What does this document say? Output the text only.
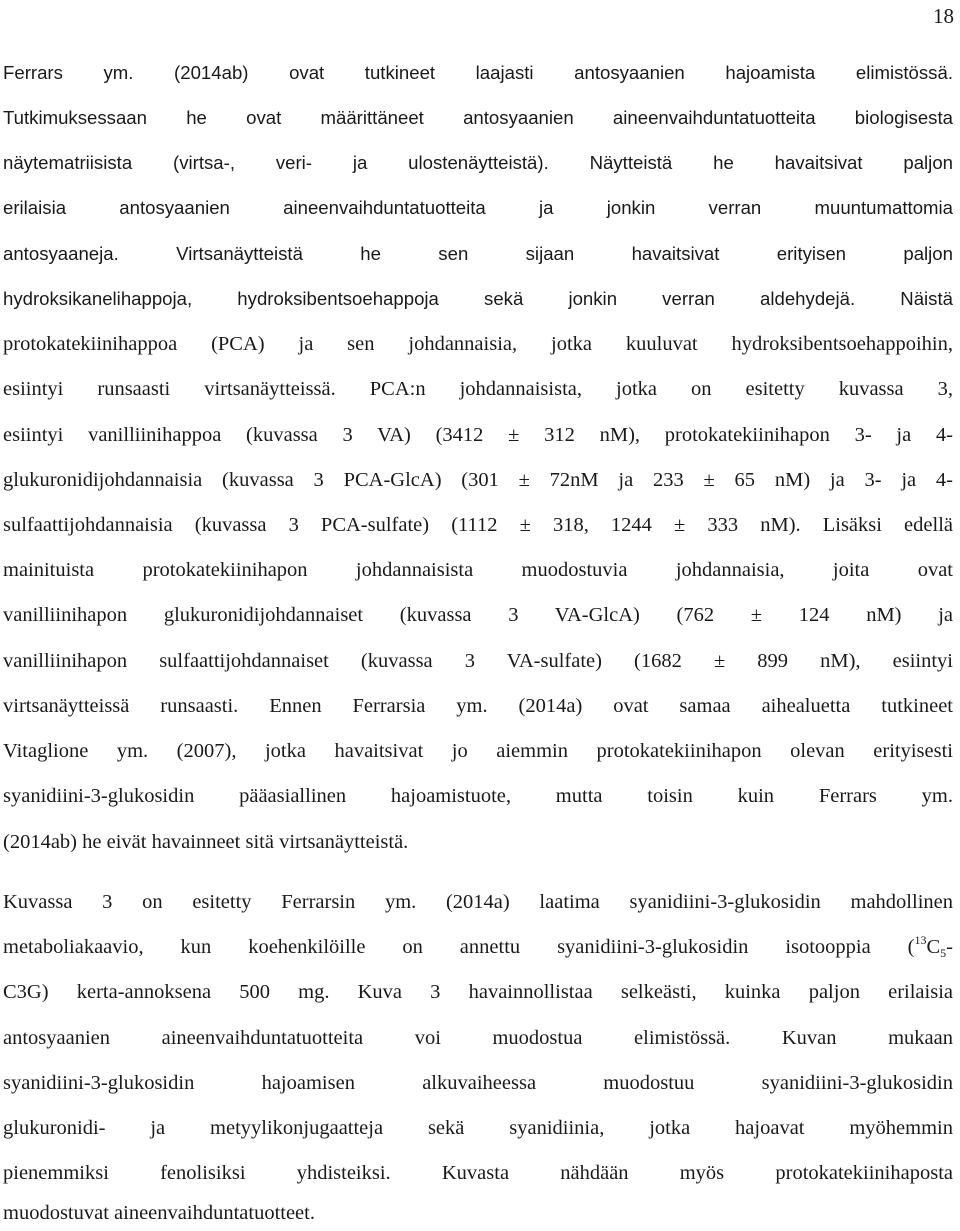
18
Ferrars ym. (2014ab) ovat tutkineet laajasti antosyaanien hajoamista elimistössä.
Tutkimuksessaan he ovat määrittäneet antosyaanien aineenvaihduntatuotteita biologisesta
näytematriisista (virtsa-, veri- ja ulostenäytteistä). Näytteistä he havaitsivat paljon
erilaisia antosyaanien aineenvaihduntatuotteita ja jonkin verran muuntumattomia
antosyaaneja. Virtsanäytteistä he sen sijaan havaitsivat erityisen paljon
hydroksikanelihappoja, hydroksibentsoehappoja sekä jonkin verran aldehydejä. Näistä
protokatekiinihappoa (PCA) ja sen johdannaisia, jotka kuuluvat hydroksibentsoehappoihin,
esiintyi runsaasti virtsanäytteissä. PCA:n johdannaisista, jotka on esitetty kuvassa 3,
esiintyi vanilliinihappoa (kuvassa 3 VA) (3412 ± 312 nM), protokatekiinihapon 3- ja 4-
glukuronidijohdannaisia (kuvassa 3 PCA-GlcA) (301 ± 72nM ja 233 ± 65 nM) ja 3- ja 4-
sulfaattijohdannaisia (kuvassa 3 PCA-sulfate) (1112 ± 318, 1244 ± 333 nM). Lisäksi edellä
mainituista protokatekiinihapon johdannaisista muodostuvia johdannaisia, joita ovat
vanilliinihapon glukuronidijohdannaiset (kuvassa 3 VA-GlcA) (762 ± 124 nM) ja
vanilliinihapon sulfaattijohdannaiset (kuvassa 3 VA-sulfate) (1682 ± 899 nM), esiintyi
virtsanäytteissä runsaasti. Ennen Ferrarsia ym. (2014a) ovat samaa aihealuetta tutkineet
Vitaglione ym. (2007), jotka havaitsivat jo aiemmin protokatekiinihapon olevan erityisesti
syanidiini-3-glukosidin pääasiallinen hajoamistuote, mutta toisin kuin Ferrars ym.
(2014ab) he eivät havainneet sitä virtsanäytteistä.
Kuvassa 3 on esitetty Ferrarsin ym. (2014a) laatima syanidiini-3-glukosidin mahdollinen
metaboliakaavio, kun koehenkilöille on annettu syanidiini-3-glukosidin isotooppia ($^{13}C_5-$
C3G) kerta-annoksena 500 mg. Kuva 3 havainnollistaa selkeästi, kuinka paljon erilaisia
antosyaanien aineenvaihduntatuotteita voi muodostua elimistössä. Kuvan mukaan
syanidiini-3-glukosidin hajoamisen alkuvaiheessa muodostuu syanidiini-3-glukosidin
glukuronidi- ja metyylikonjugaatteja sekä syanidiinia, jotka hajoavat myöhemmin
pienemmiksi fenolisiksi yhdisteiksi. Kuvasta nähdään myös protokatekiinihaposta
muodostuvat aineenvaihduntatuotteet.
